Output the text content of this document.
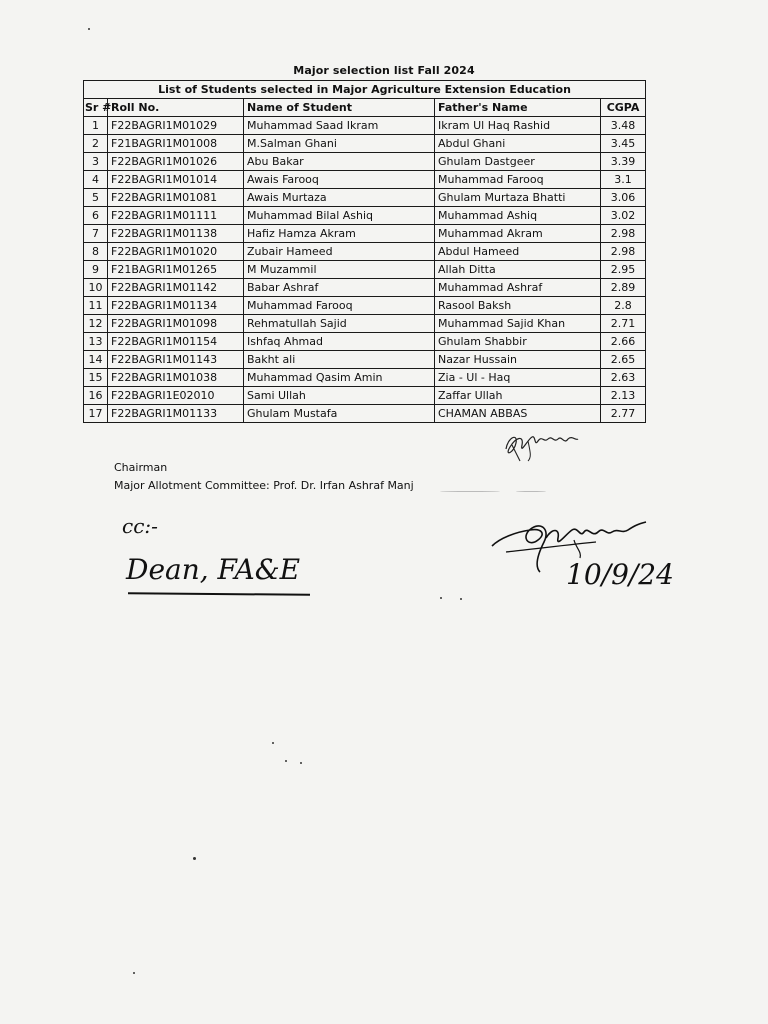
Major selection list Fall 2024
List of Students selected in Major Agriculture Extension Education				
Sr #	Roll No.	Name of Student	Father's Name	CGPA
1	F22BAGRI1M01029	Muhammad Saad Ikram	Ikram Ul Haq Rashid	3.48
2	F21BAGRI1M01008	M.Salman Ghani	Abdul Ghani	3.45
3	F22BAGRI1M01026	Abu Bakar	Ghulam Dastgeer	3.39
4	F22BAGRI1M01014	Awais Farooq	Muhammad Farooq	3.1
5	F22BAGRI1M01081	Awais Murtaza	Ghulam Murtaza Bhatti	3.06
6	F22BAGRI1M01111	Muhammad Bilal Ashiq	Muhammad Ashiq	3.02
7	F22BAGRI1M01138	Hafiz Hamza Akram	Muhammad Akram	2.98
8	F22BAGRI1M01020	Zubair Hameed	Abdul Hameed	2.98
9	F21BAGRI1M01265	M Muzammil	Allah Ditta	2.95
10	F22BAGRI1M01142	Babar Ashraf	Muhammad Ashraf	2.89
11	F22BAGRI1M01134	Muhammad Farooq	Rasool Baksh	2.8
12	F22BAGRI1M01098	Rehmatullah Sajid	Muhammad Sajid Khan	2.71
13	F22BAGRI1M01154	Ishfaq Ahmad	Ghulam Shabbir	2.66
14	F22BAGRI1M01143	Bakht ali	Nazar Hussain	2.65
15	F22BAGRI1M01038	Muhammad Qasim Amin	Zia - Ul - Haq	2.63
16	F22BAGRI1E02010	Sami Ullah	Zaffar Ullah	2.13
17	F22BAGRI1M01133	Ghulam Mustafa	CHAMAN ABBAS	2.77
Chairman
Major Allotment Committee: Prof. Dr. Irfan Ashraf Manj
cc:-
Dean, FA&E	10/9/24
